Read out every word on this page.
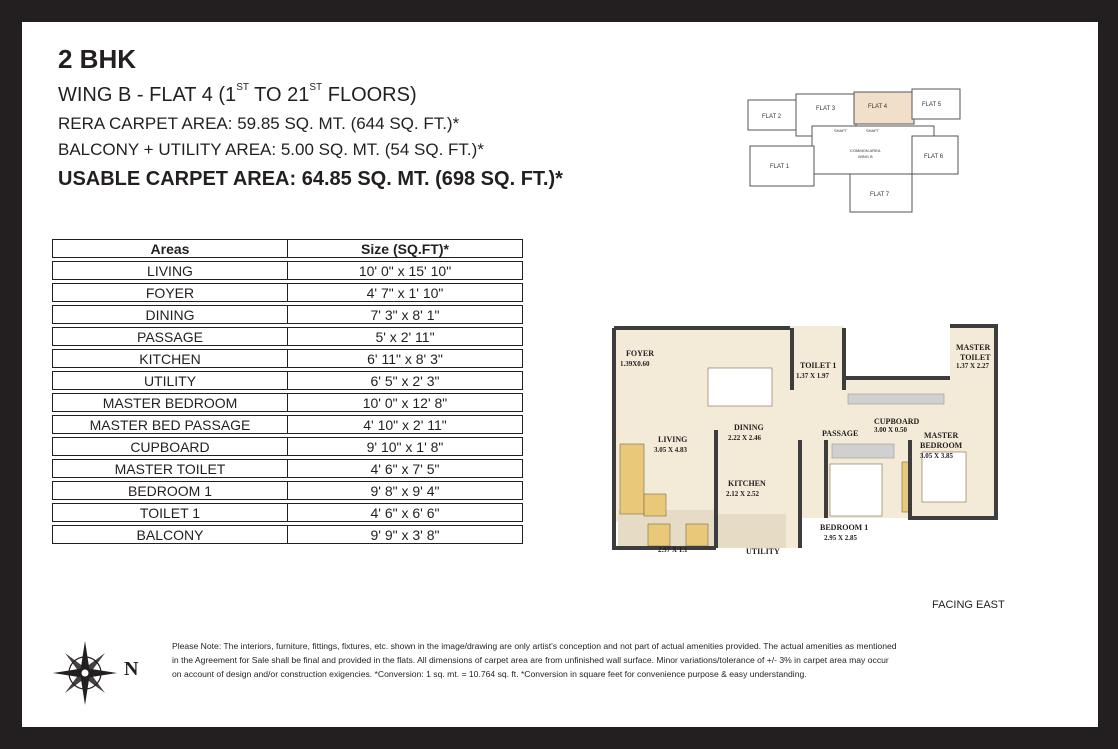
2 BHK
WING B - FLAT 4 (1ST TO 21ST FLOORS)
RERA CARPET AREA: 59.85 SQ. MT. (644 SQ. FT.)*
BALCONY + UTILITY AREA: 5.00 SQ. MT. (54 SQ. FT.)*
USABLE CARPET AREA: 64.85 SQ. MT. (698 SQ. FT.)*
Areas	Size (SQ.FT)*
LIVING	10' 0" x 15' 10"
FOYER	4' 7" x 1' 10"
DINING	7' 3" x 8' 1"
PASSAGE	5' x 2' 11"
KITCHEN	6' 11" x 8' 3"
UTILITY	6' 5" x 2' 3"
MASTER BEDROOM	10' 0" x 12' 8"
MASTER BED PASSAGE	4' 10" x 2' 11"
CUPBOARD	9' 10" x 1' 8"
MASTER TOILET	4' 6" x 7' 5"
BEDROOM 1	9' 8" x 9' 4"
TOILET 1	4' 6" x 6' 6"
BALCONY	9' 9" x 3' 8"
FLAT 2
FLAT 3	FLAT 4	FLAT 5
FLAT 1
FLAT 6
FLAT 7
SHAFT	SHAFT
COMMON AREA
WING B
FOYER
1.39X0.60	TOILET 1
1.37 X 1.97
MASTER
TOILET
1.37 X 2.27
LIVING
3.05 X 4.83
DINING
2.22 X 2.46
CUPBOARD
3.00 X 0.50
PASSAGE	MASTER
BEDROOM
3.05 X 3.85
KITCHEN
2.12 X 2.52
BEDROOM 1
2.95 X 2.85
UTILITY
2.97 X 1.1
FACING EAST
N
Please Note: The interiors, furniture, fittings, fixtures, etc. shown in the image/drawing are only artist's conception and not part of actual amenities provided. The actual amenities as mentioned in the Agreement for Sale shall be final and provided in the flats. All dimensions of carpet area are from unfinished wall surface. Minor variations/tolerance of +/- 3% in carpet area may occur on account of design and/or construction exigencies. *Conversion: 1 sq. mt. = 10.764 sq. ft. *Conversion in square feet for convenience purpose & easy understanding.
